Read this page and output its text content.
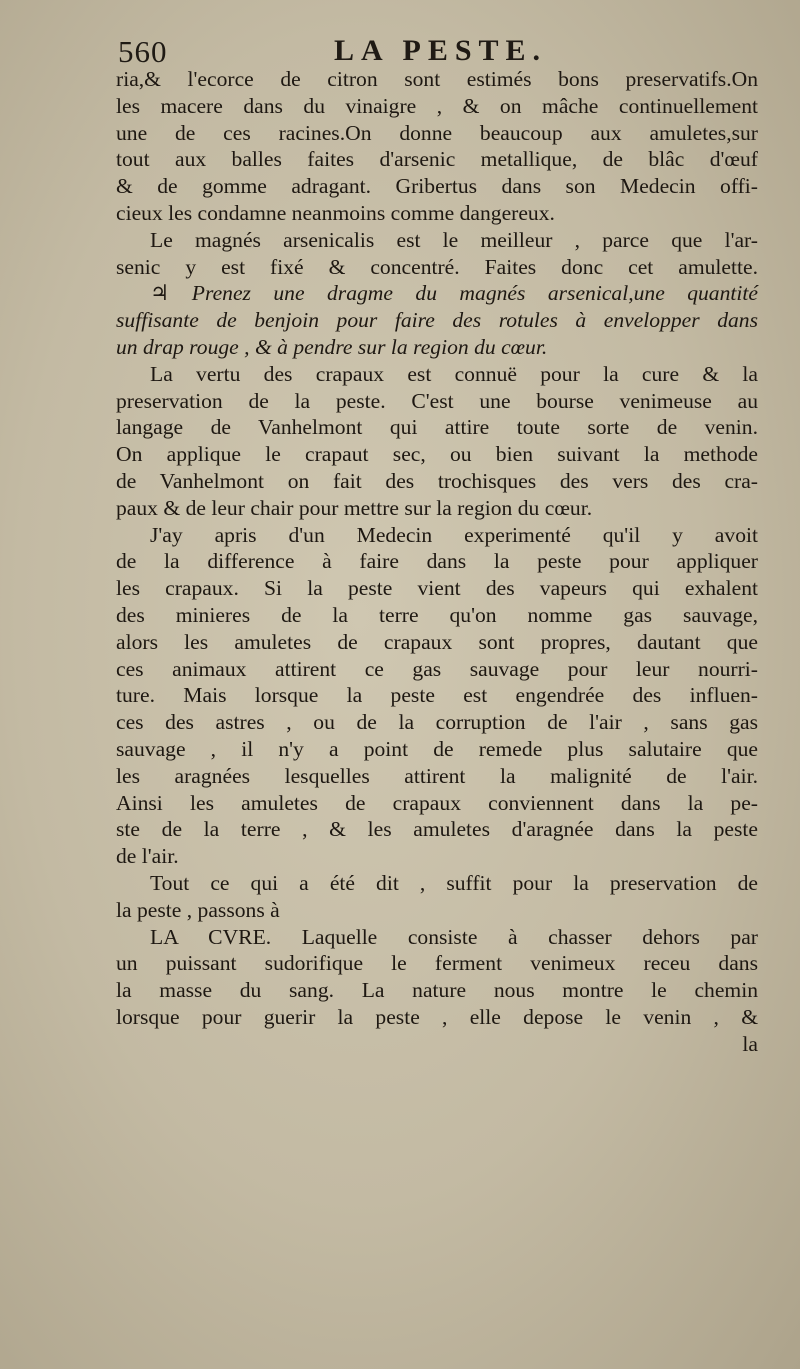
560	LA PESTE.
ria,& l'ecorce de citron sont estimés bons preservatifs.On
les macere dans du vinaigre , & on mâche continuellement
une de ces racines.On donne beaucoup aux amuletes,sur
tout aux balles faites d'arsenic metallique, de blâc d'œuf
& de gomme adragant. Gribertus dans son Medecin offi-
cieux les condamne neanmoins comme dangereux.
Le magnés arsenicalis est le meilleur , parce que l'ar-
senic y est fixé & concentré. Faites donc cet amulette.
♃ Prenez une dragme du magnés arsenical,une quantité
suffisante de benjoin pour faire des rotules à envelopper dans
un drap rouge , & à pendre sur la region du cœur.
La vertu des crapaux est connuë pour la cure & la
preservation de la peste. C'est une bourse venimeuse au
langage de Vanhelmont qui attire toute sorte de venin.
On applique le crapaut sec, ou bien suivant la methode
de Vanhelmont on fait des trochisques des vers des cra-
paux & de leur chair pour mettre sur la region du cœur.
J'ay apris d'un Medecin experimenté qu'il y avoit
de la difference à faire dans la peste pour appliquer
les crapaux. Si la peste vient des vapeurs qui exhalent
des minieres de la terre qu'on nomme gas sauvage,
alors les amuletes de crapaux sont propres, dautant que
ces animaux attirent ce gas sauvage pour leur nourri-
ture. Mais lorsque la peste est engendrée des influen-
ces des astres , ou de la corruption de l'air , sans gas
sauvage , il n'y a point de remede plus salutaire que
les aragnées lesquelles attirent la malignité de l'air.
Ainsi les amuletes de crapaux conviennent dans la pe-
ste de la terre , & les amuletes d'aragnée dans la peste
de l'air.
Tout ce qui a été dit , suffit pour la preservation de
la peste , passons à
LA CVRE. Laquelle consiste à chasser dehors par
un puissant sudorifique le ferment venimeux receu dans
la masse du sang. La nature nous montre le chemin
lorsque pour guerir la peste , elle depose le venin , &
la
